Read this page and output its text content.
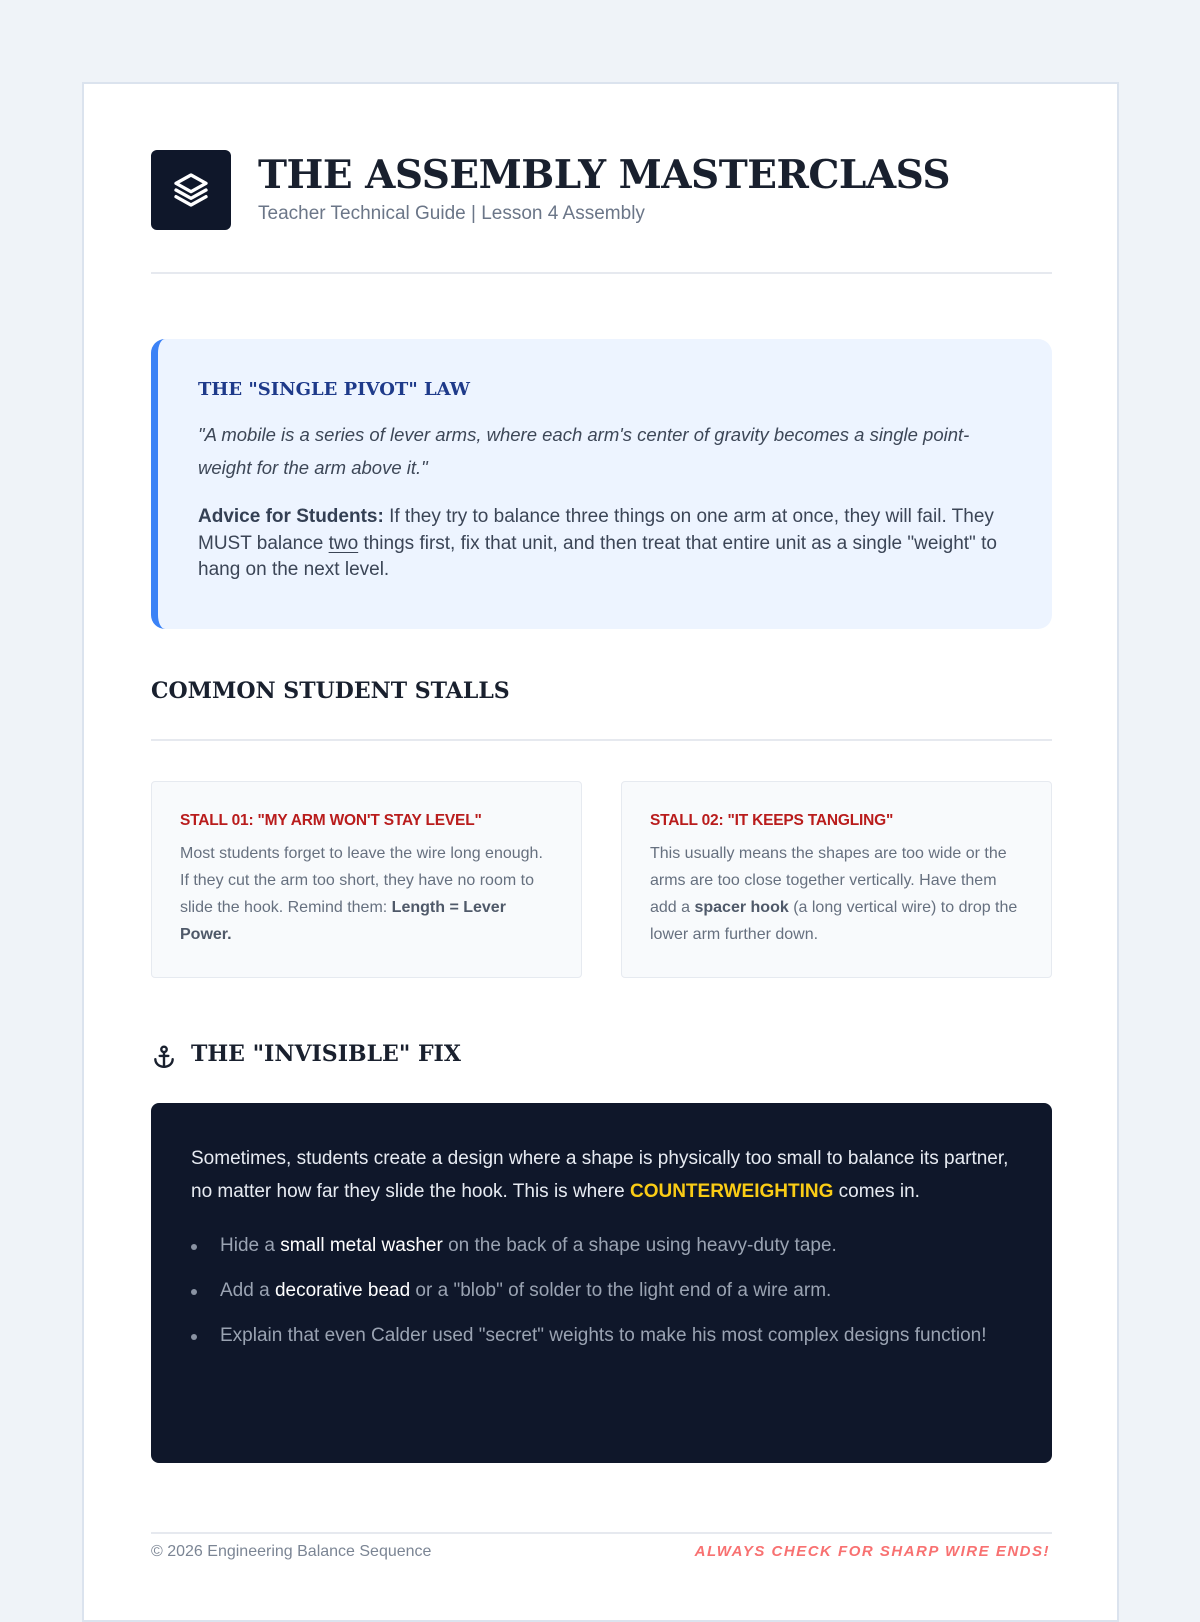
THE ASSEMBLY MASTERCLASS
Teacher Technical Guide | Lesson 4 Assembly
THE "SINGLE PIVOT" LAW
"A mobile is a series of lever arms, where each arm's center of gravity becomes a single point-weight for the arm above it."
Advice for Students: If they try to balance three things on one arm at once, they will fail. They MUST balance two things first, fix that unit, and then treat that entire unit as a single "weight" to hang on the next level.
COMMON STUDENT STALLS
STALL 01: "MY ARM WON'T STAY LEVEL"
Most students forget to leave the wire long enough. If they cut the arm too short, they have no room to slide the hook. Remind them: Length = Lever Power.
STALL 02: "IT KEEPS TANGLING"
This usually means the shapes are too wide or the arms are too close together vertically. Have them add a spacer hook (a long vertical wire) to drop the lower arm further down.
THE "INVISIBLE" FIX
Sometimes, students create a design where a shape is physically too small to balance its partner, no matter how far they slide the hook. This is where COUNTERWEIGHTING comes in.
Hide a small metal washer on the back of a shape using heavy-duty tape.
Add a decorative bead or a "blob" of solder to the light end of a wire arm.
Explain that even Calder used "secret" weights to make his most complex designs function!
© 2026 Engineering Balance Sequence	ALWAYS CHECK FOR SHARP WIRE ENDS!
